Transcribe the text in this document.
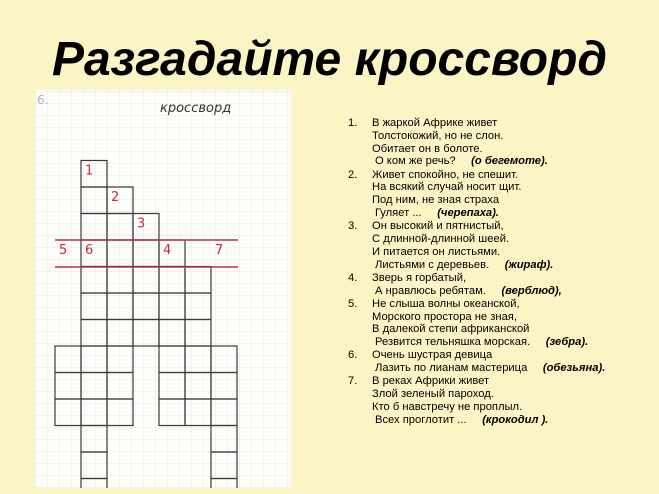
Разгадайте кроссворд
6.
кроссворд
1
2
3
4
5 6	7
1. В жаркой Африке живет
Толстокожий, но не слон.
Обитает он в болоте.
О ком же речь? (о бегемоте).
2. Живет спокойно, не спешит.
На всякий случай носит щит.
Под ним, не зная страха
Гуляет ... (черепаха).
3. Он высокий и пятнистый,
С длинной-длинной шеей.
И питается он листьями.
Листьями с деревьев. (жираф).
4. Зверь я горбатый,
А нравлюсь ребятам. (верблюд),
5. Не слыша волны океанской,
Морского простора не зная,
В далекой степи африканской
Резвится тельняшка морская. (зебра).
6. Очень шустрая девица
Лазить по лианам мастерица (обезьяна).
7. В реках Африки живет
Злой зеленый пароход.
Кто б навстречу не проплыл.
Всех проглотит ... (крокодил ).
